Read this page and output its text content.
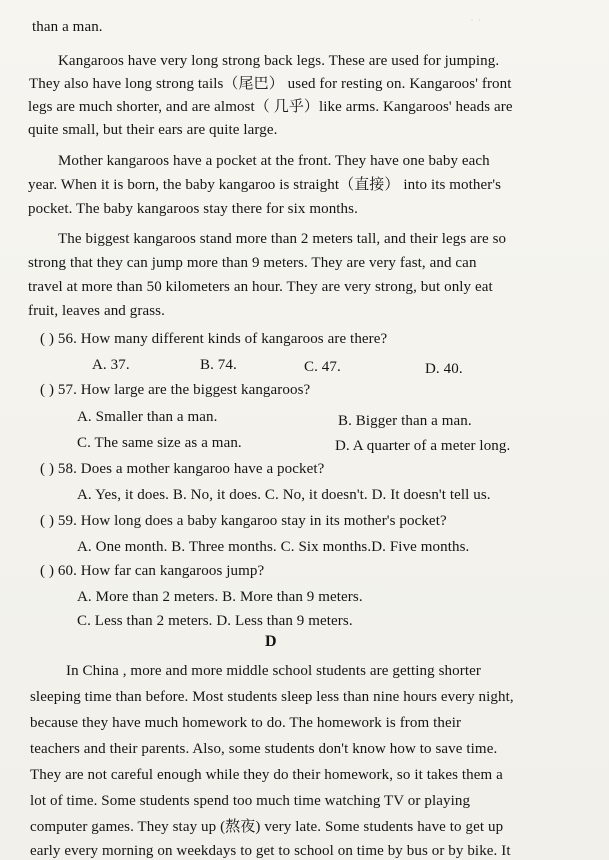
· ·
than a man.
Kangaroos have very long strong back legs. These are used for jumping.
They also have long strong tails（尾巴） used for resting on. Kangaroos' front
legs are much shorter, and are almost（ 几乎）like arms. Kangaroos' heads are
quite small, but their ears are quite large.
Mother kangaroos have a pocket at the front. They have one baby each
year. When it is born, the baby kangaroo is straight（直接） into its mother's
pocket. The baby kangaroos stay there for six months.
The biggest kangaroos stand more than 2 meters tall, and their legs are so
strong that they can jump more than 9 meters. They are very fast, and can
travel at more than 50 kilometers an hour. They are very strong, but only eat
fruit, leaves and grass.
( ) 56. How many different kinds of kangaroos are there?
A. 37.	B. 74.	C. 47.	D. 40.
( ) 57. How large are the biggest kangaroos?
A. Smaller than a man.	B. Bigger than a man.
C. The same size as a man.	D. A quarter of a meter long.
( ) 58. Does a mother kangaroo have a pocket?
A. Yes, it does. B. No, it does. C. No, it doesn't. D. It doesn't tell us.
( ) 59. How long does a baby kangaroo stay in its mother's pocket?
A. One month. B. Three months. C. Six months.D. Five months.
( ) 60. How far can kangaroos jump?
A. More than 2 meters. B. More than 9 meters.
C. Less than 2 meters. D. Less than 9 meters.
D
In China , more and more middle school students are getting shorter
sleeping time than before. Most students sleep less than nine hours every night,
because they have much homework to do. The homework is from their
teachers and their parents. Also, some students don't know how to save time.
They are not careful enough while they do their homework, so it takes them a
lot of time. Some students spend too much time watching TV or playing
computer games. They stay up (熬夜) very late. Some students have to get up
early every morning on weekdays to get to school on time by bus or by bike. It
